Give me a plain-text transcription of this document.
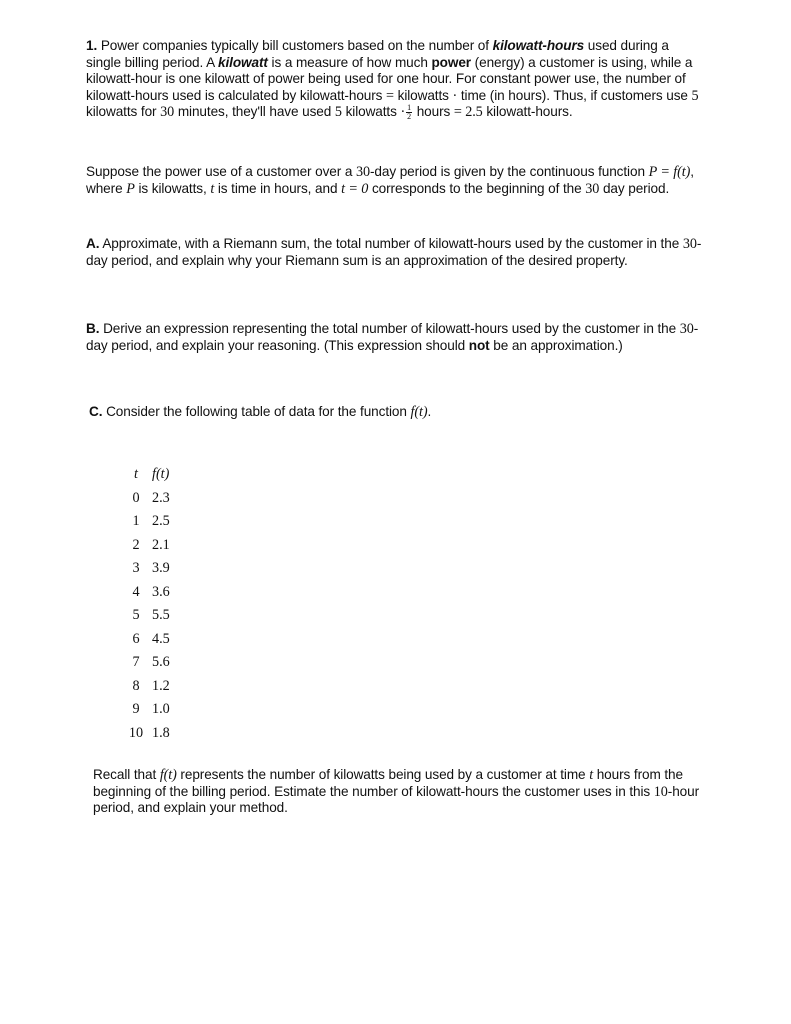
1. Power companies typically bill customers based on the number of kilowatt-hours used during a single billing period. A kilowatt is a measure of how much power (energy) a customer is using, while a kilowatt-hour is one kilowatt of power being used for one hour. For constant power use, the number of kilowatt-hours used is calculated by kilowatt-hours = kilowatts · time (in hours). Thus, if customers use 5 kilowatts for 30 minutes, they'll have used 5 kilowatts · $\frac{1}{2}$ hours = 2.5 kilowatt-hours.

Suppose the power use of a customer over a 30-day period is given by the continuous function P = f(t), where P is kilowatts, t is time in hours, and t = 0 corresponds to the beginning of the 30 day period.

A. Approximate, with a Riemann sum, the total number of kilowatt-hours used by the customer in the 30-day period, and explain why your Riemann sum is an approximation of the desired property.

B. Derive an expression representing the total number of kilowatt-hours used by the customer in the 30-day period, and explain your reasoning. (This expression should not be an approximation.)

C. Consider the following table of data for the function f(t).

Recall that f(t) represents the number of kilowatts being used by a customer at time t hours from the beginning of the billing period. Estimate the number of kilowatt-hours the customer uses in this 10-hour period, and explain your method.

t	f(t)
0	2.3
1	2.5
2	2.1
3	3.9
4	3.6
5	5.5
6	4.5
7	5.6
8	1.2
9	1.0
10	1.8
